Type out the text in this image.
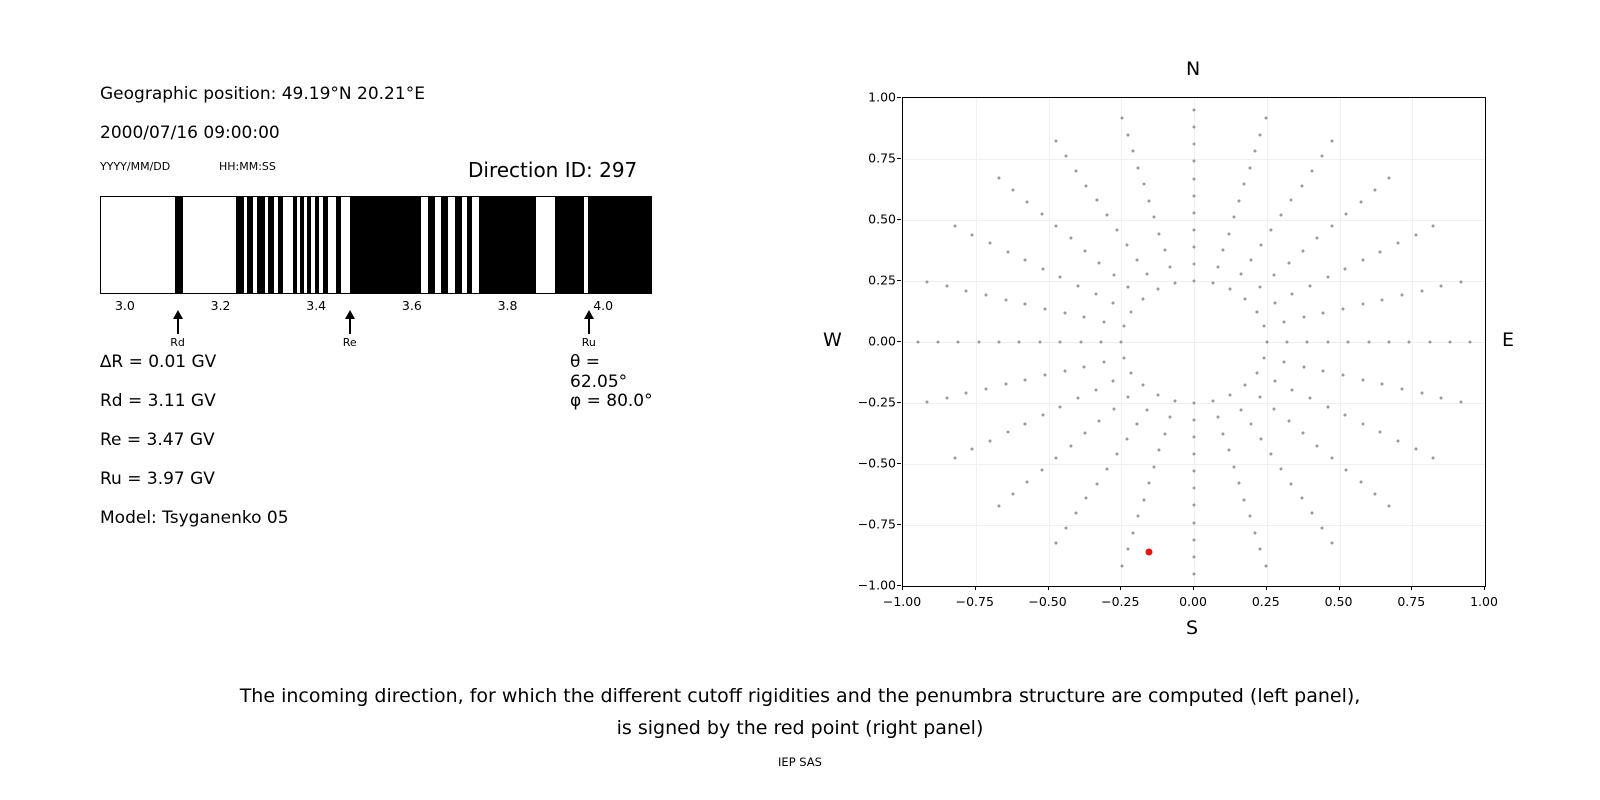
Geographic position: 49.19°N 20.21°E
2000/07/16 09:00:00
YYYY/MM/DD	HH:MM:SS	Direction ID: 297
3.0	3.2	3.4	3.6	3.8	4.0
Rd	Re	Ru
∆R = 0.01 GV	θ = 62.05°
Rd = 3.11 GV	φ = 80.0°
Re = 3.47 GV
Ru = 3.97 GV
Model: Tsyganenko 05
N
S
E
W
−1.00	−0.75	−0.50	−0.25	0.00	0.25	0.50	0.75	1.00
−1.00
−0.75
−0.50
−0.25
0.00
0.25
0.50
0.75
1.00
The incoming direction, for which the different cutoff rigidities and the penumbra structure are computed (left panel),
is signed by the red point (right panel)
IEP SAS
